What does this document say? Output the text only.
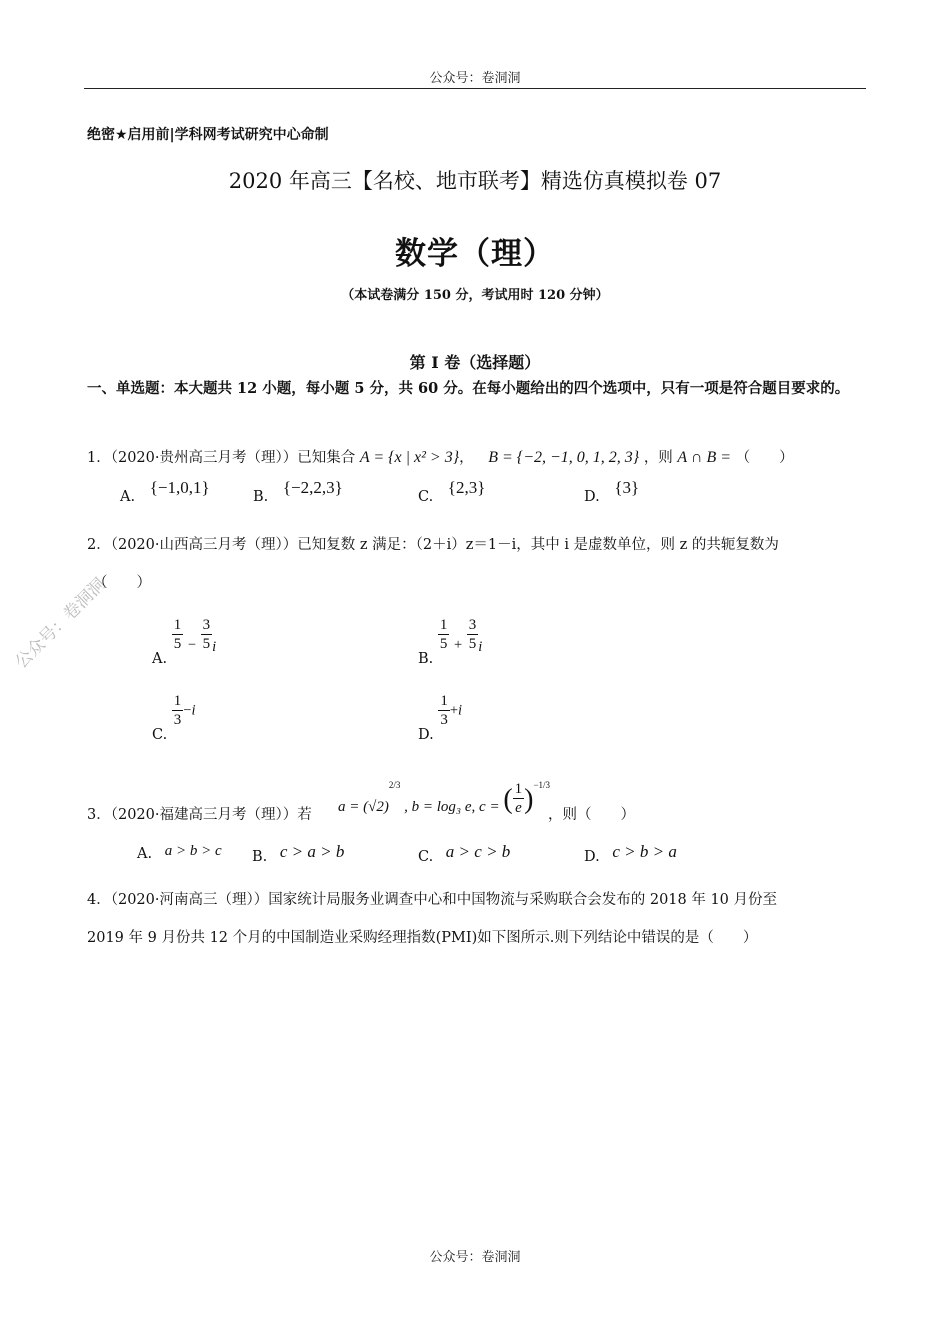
公众号：卷洞洞
公众号：卷洞洞
绝密★启用前|学科网考试研究中心命制
2020 年高三【名校、地市联考】精选仿真模拟卷 07
数学（理）
（本试卷满分 150 分，考试用时 120 分钟）
第 I 卷（选择题）
一、单选题：本大题共 12 小题，每小题 5 分，共 60 分。在每小题给出的四个选项中，只有一项是符合题目要求的。
1．（2020·贵州高三月考（理））已知集合 A = {x | x² > 3}， B = {−2, −1, 0, 1, 2, 3} ，则 A ∩ B = （　　）
A. {−1,0,1}	B. {−2,2,3}	C. {2,3}	D. {3}
2．（2020·山西高三月考（理））已知复数 z 满足：（2＋i）z＝1－i，其中 i 是虚数单位，则 z 的共轭复数为
（　　）
A.
$\frac{1}{5} - \frac{3}{5}$ i
B.
$\frac{1}{5} + \frac{3}{5}$ i
C.
$\frac{1}{3} -i$
D.
$\frac{1}{3} +i$
3．（2020·福建高三月考（理））若 $a = (√2)^{2/3}$ , b = log₃ e, c = ( $\frac{1}{e} )^{-1/3}$
，则（　　）
A. a > b > c B. c > a > b	C. a > c > b	D. c > b > a
4．（2020·河南高三（理））国家统计局服务业调查中心和中国物流与采购联合会发布的 2018 年 10 月份至
2019 年 9 月份共 12 个月的中国制造业采购经理指数(PMI)如下图所示.则下列结论中错误的是（　　）
公众号：卷洞洞
